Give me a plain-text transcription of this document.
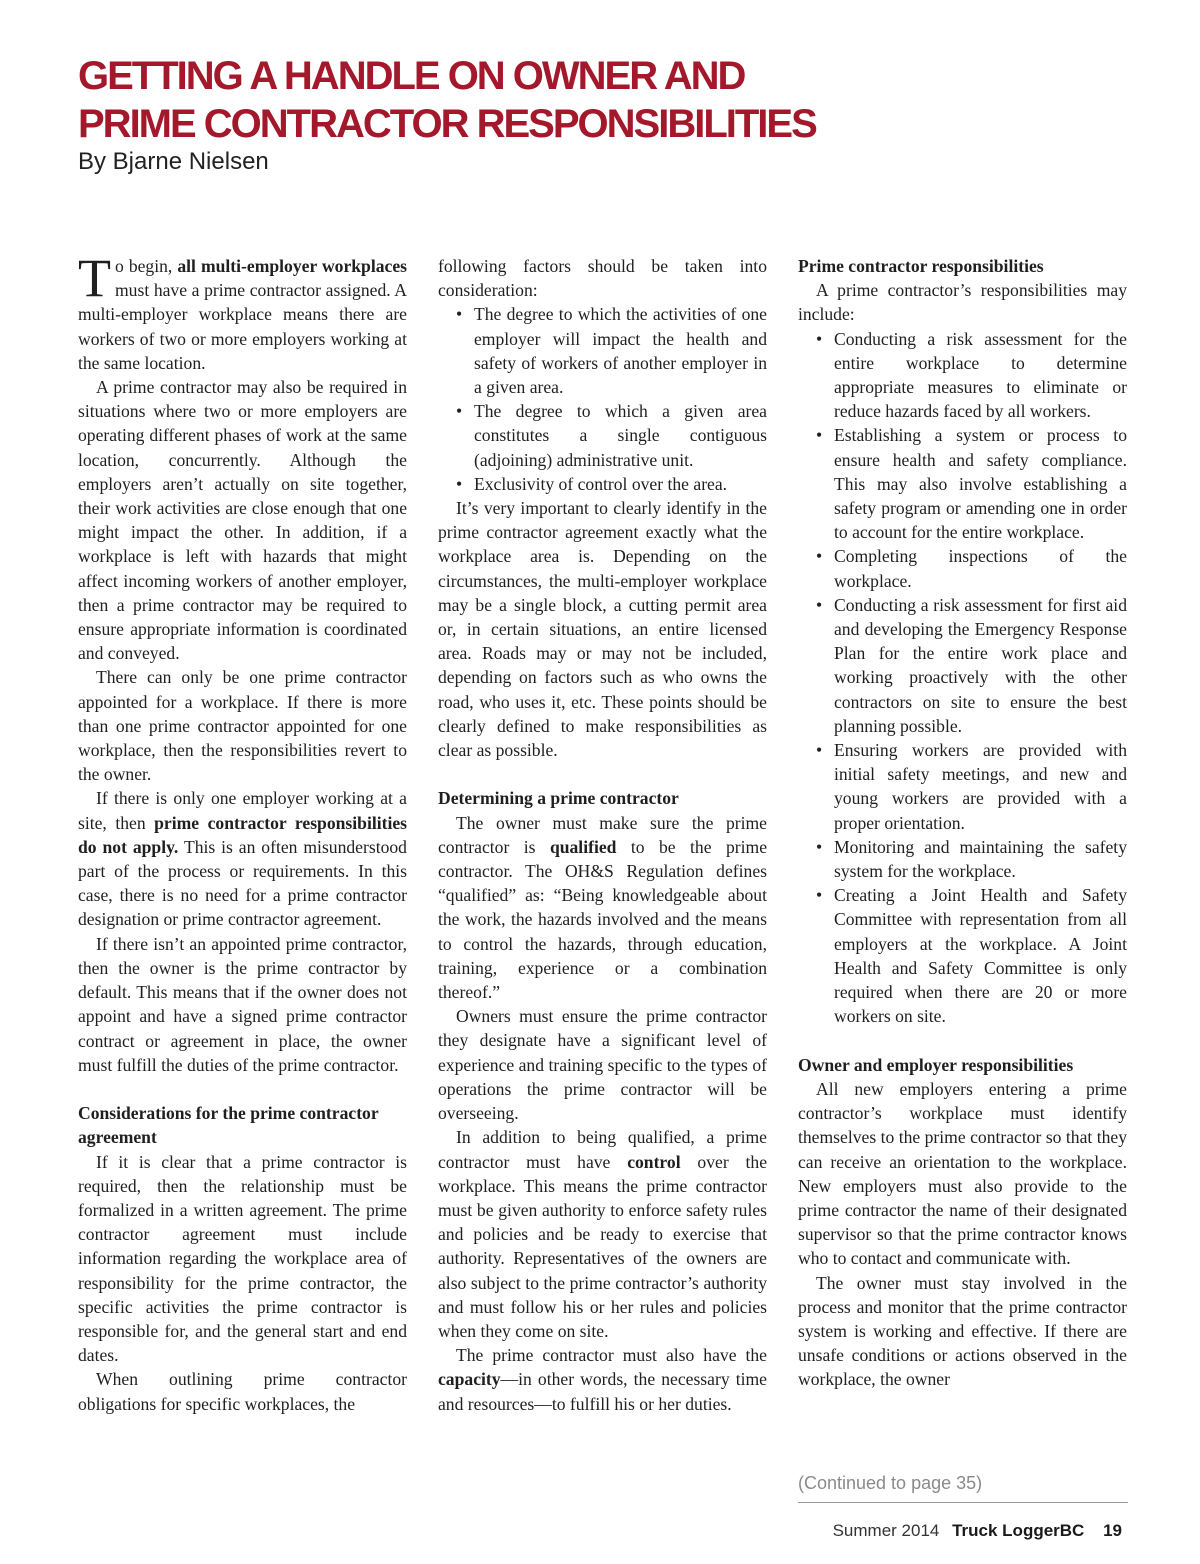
GETTING A HANDLE ON OWNER AND
PRIME CONTRACTOR RESPONSIBILITIES
By Bjarne Nielsen

To begin, all multi-employer workplaces must have a prime contractor assigned. A multi-employer workplace means there are workers of two or more employers working at the same location.

A prime contractor may also be required in situations where two or more employers are operating different phases of work at the same location, concurrently. Although the employers aren’t actually on site together, their work activities are close enough that one might impact the other. In addition, if a workplace is left with hazards that might affect incoming workers of another employer, then a prime contractor may be required to ensure appropriate information is coordinated and conveyed.

There can only be one prime contractor appointed for a workplace. If there is more than one prime contractor appointed for one workplace, then the responsibilities revert to the owner.

If there is only one employer working at a site, then prime contractor responsibilities do not apply. This is an often misunderstood part of the process or requirements. In this case, there is no need for a prime contractor designation or prime contractor agreement.

If there isn’t an appointed prime contractor, then the owner is the prime contractor by default. This means that if the owner does not appoint and have a signed prime contractor contract or agreement in place, the owner must fulfill the duties of the prime contractor.

Considerations for the prime contractor agreement

If it is clear that a prime contractor is required, then the relationship must be formalized in a written agreement. The prime contractor agreement must include information regarding the workplace area of responsibility for the prime contractor, the specific activities the prime contractor is responsible for, and the general start and end dates.

When outlining prime contractor obligations for specific workplaces, the

following factors should be taken into consideration:

• The degree to which the activities of one employer will impact the health and safety of workers of another employer in a given area.
• The degree to which a given area constitutes a single contiguous (adjoining) administrative unit.
• Exclusivity of control over the area.

It’s very important to clearly identify in the prime contractor agreement exactly what the workplace area is. Depending on the circumstances, the multi-employer workplace may be a single block, a cutting permit area or, in certain situations, an entire licensed area. Roads may or may not be included, depending on factors such as who owns the road, who uses it, etc. These points should be clearly defined to make responsibilities as clear as possible.

Determining a prime contractor

The owner must make sure the prime contractor is qualified to be the prime contractor. The OH&S Regulation defines “qualified” as: “Being knowledgeable about the work, the hazards involved and the means to control the hazards, through education, training, experience or a combination thereof.”

Owners must ensure the prime contractor they designate have a significant level of experience and training specific to the types of operations the prime contractor will be overseeing.

In addition to being qualified, a prime contractor must have control over the workplace. This means the prime contractor must be given authority to enforce safety rules and policies and be ready to exercise that authority. Representatives of the owners are also subject to the prime contractor’s authority and must follow his or her rules and policies when they come on site.

The prime contractor must also have the capacity—in other words, the necessary time and resources—to fulfill his or her duties.

Prime contractor responsibilities

A prime contractor’s responsibilities may include:

• Conducting a risk assessment for the entire workplace to determine appropriate measures to eliminate or reduce hazards faced by all workers.
• Establishing a system or process to ensure health and safety compliance. This may also involve establishing a safety program or amending one in order to account for the entire workplace.
• Completing inspections of the workplace.
• Conducting a risk assessment for first aid and developing the Emergency Response Plan for the entire work place and working proactively with the other contractors on site to ensure the best planning possible.
• Ensuring workers are provided with initial safety meetings, and new and young workers are provided with a proper orientation.
• Monitoring and maintaining the safety system for the workplace.
• Creating a Joint Health and Safety Committee with representation from all employers at the workplace. A Joint Health and Safety Committee is only required when there are 20 or more workers on site.
Owner and employer responsibilities

All new employers entering a prime contractor’s workplace must identify themselves to the prime contractor so that they can receive an orientation to the workplace. New employers must also provide to the prime contractor the name of their designated supervisor so that the prime contractor knows who to contact and communicate with.

The owner must stay involved in the process and monitor that the prime contractor system is working and effective. If there are unsafe conditions or actions observed in the workplace, the owner

(Continued to page 35)
Summer 2014 Truck LoggerBC 19
